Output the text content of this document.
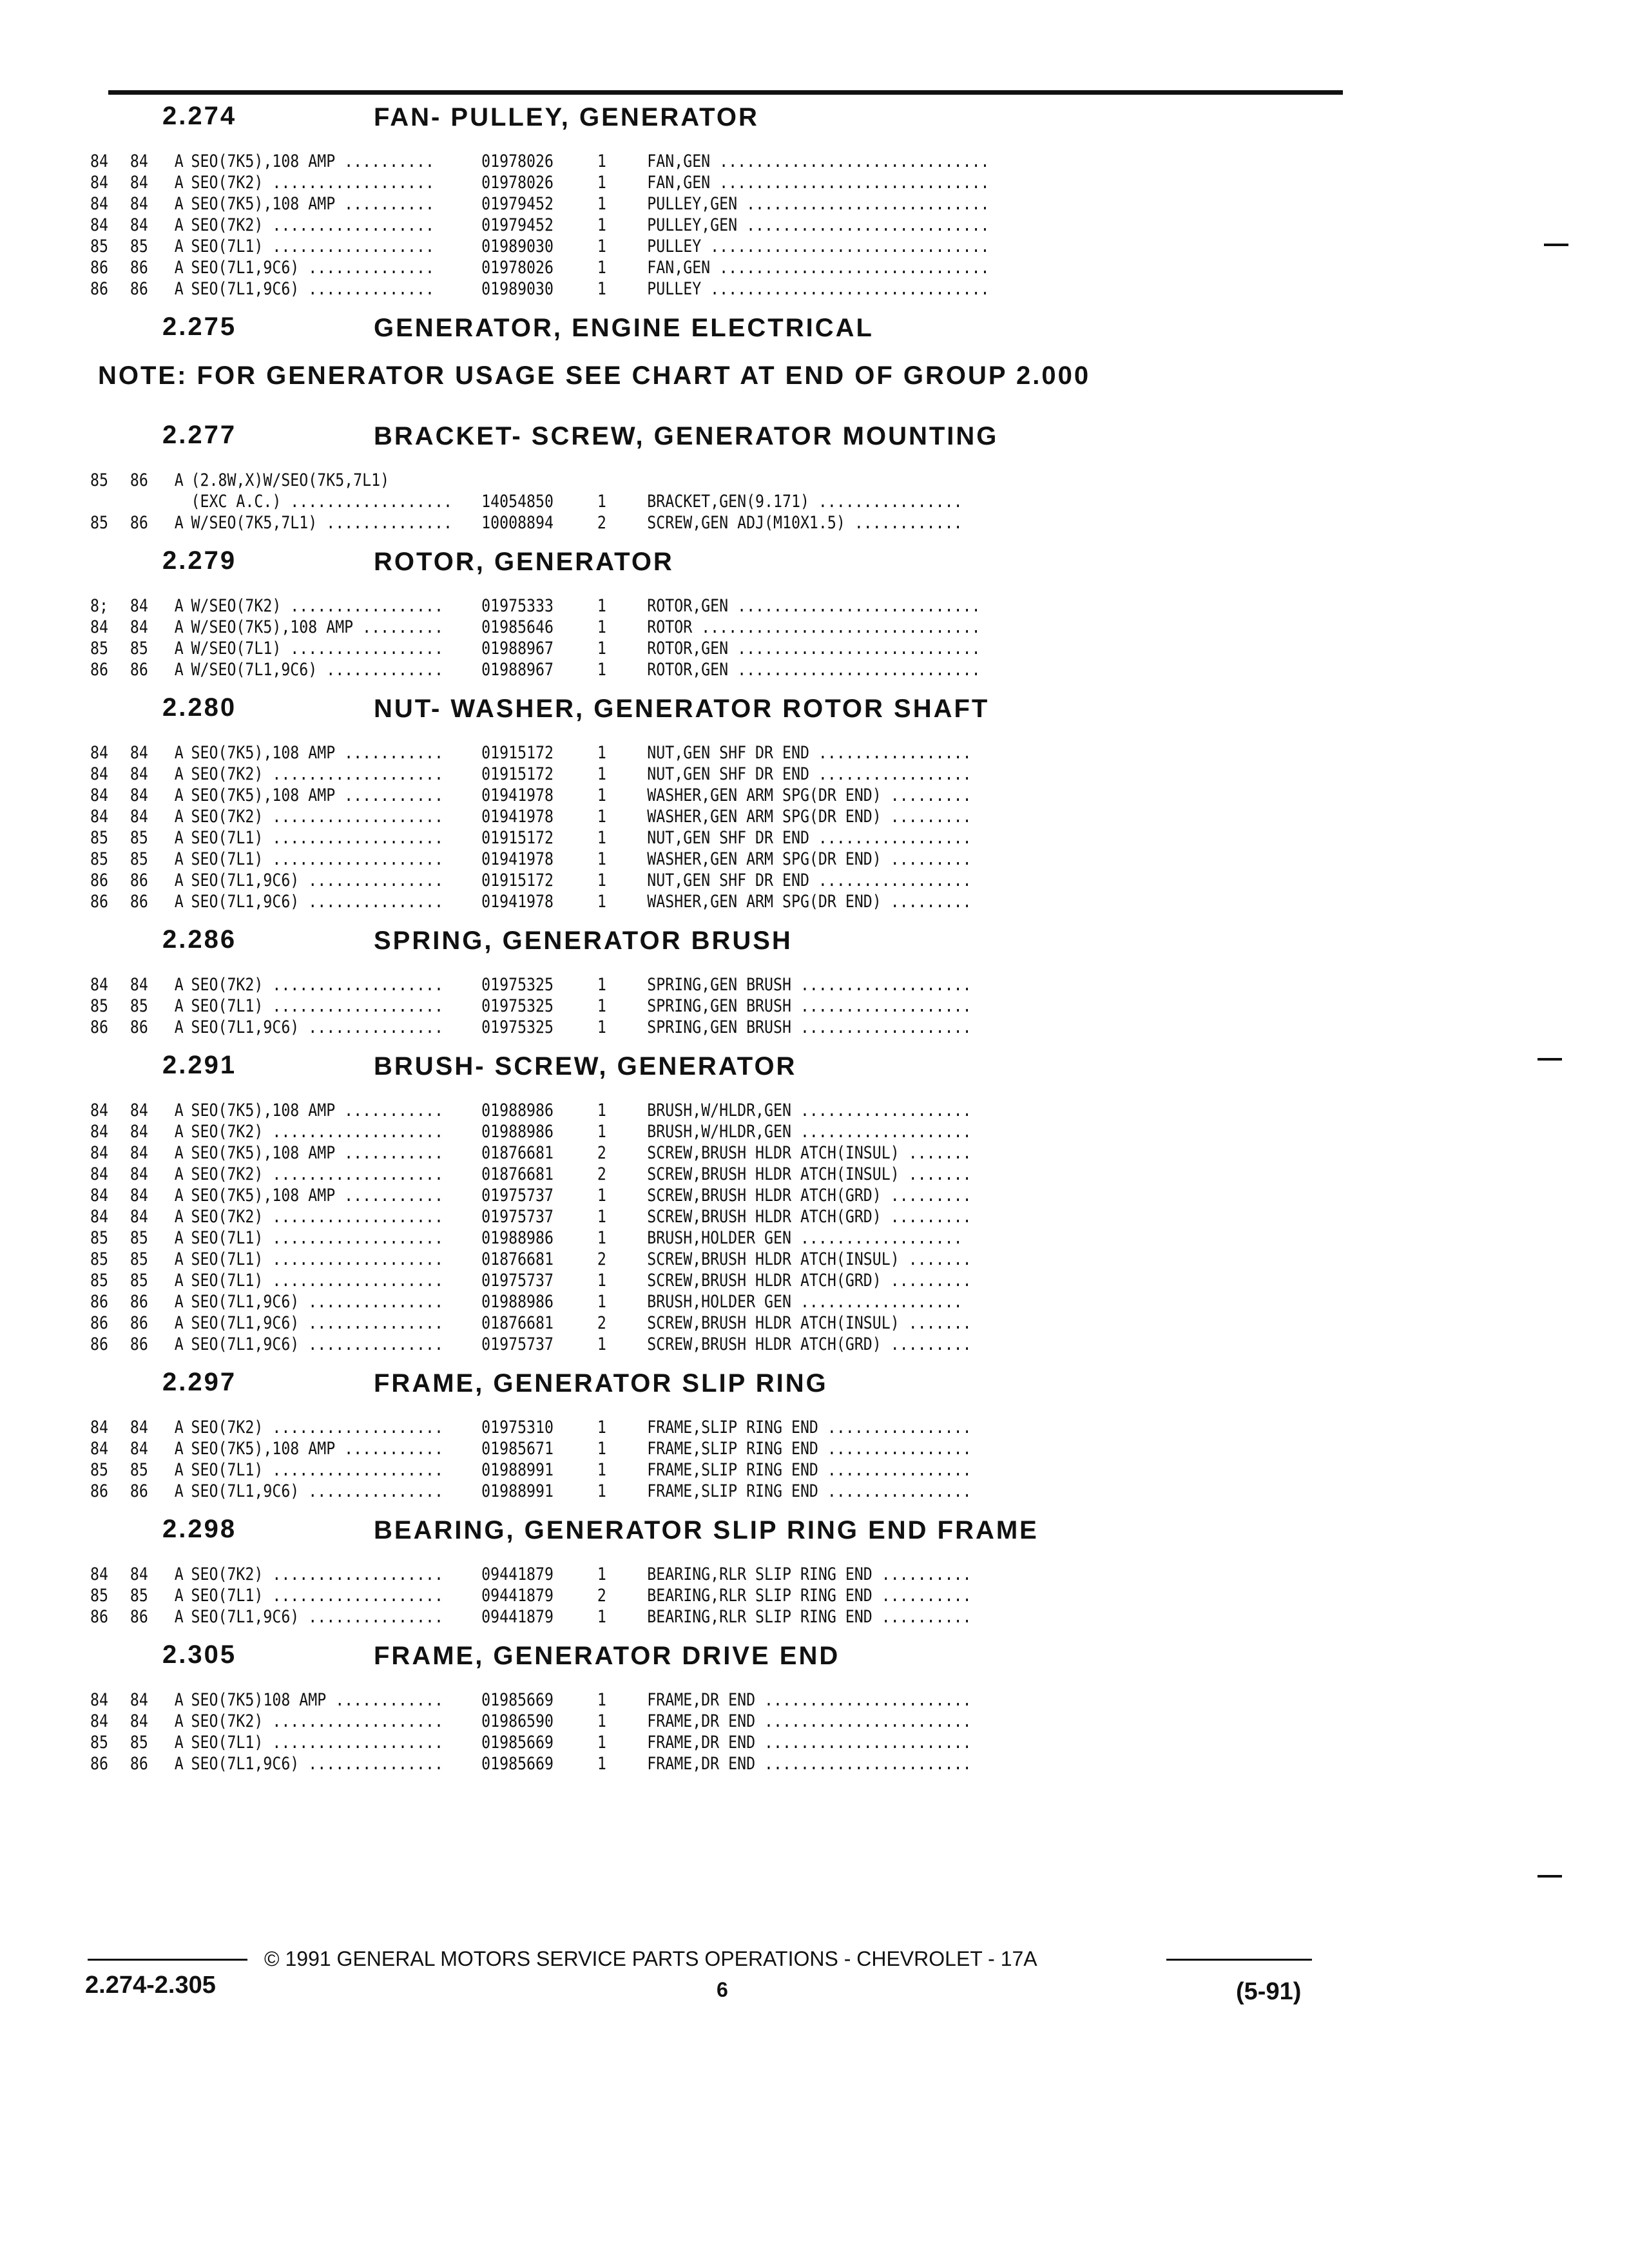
2.274	FAN- PULLEY, GENERATOR
84 84 A SEO(7K5),108 AMP ..........	01978026	1 FAN,GEN ..............................
84 84 A SEO(7K2) ..................	01978026	1 FAN,GEN ..............................
84 84 A SEO(7K5),108 AMP ..........	01979452	1 PULLEY,GEN ...........................
84 84 A SEO(7K2) ..................	01979452	1 PULLEY,GEN ...........................
85 85 A SEO(7L1) ..................	01989030	1 PULLEY ...............................
86 86 A SEO(7L1,9C6) ..............	01978026	1 FAN,GEN ..............................
86 86 A SEO(7L1,9C6) ..............	01989030	1 PULLEY ...............................
2.275	GENERATOR, ENGINE ELECTRICAL
NOTE: FOR GENERATOR USAGE SEE CHART AT END OF GROUP 2.000
2.277	BRACKET- SCREW, GENERATOR MOUNTING
85 86 A (2.8W,X)W/SEO(7K5,7L1)
(EXC A.C.) .................. 14054850	1 BRACKET,GEN(9.171) ................
85 86 A W/SEO(7K5,7L1) .............. 10008894	2 SCREW,GEN ADJ(M10X1.5) ............
2.279	ROTOR, GENERATOR
8; 84 A W/SEO(7K2) ................. 01975333	1 ROTOR,GEN ...........................
84 84 A W/SEO(7K5),108 AMP ......... 01985646	1 ROTOR ...............................
85 85 A W/SEO(7L1) ................. 01988967	1 ROTOR,GEN ...........................
86 86 A W/SEO(7L1,9C6) ............. 01988967	1 ROTOR,GEN ...........................
2.280	NUT- WASHER, GENERATOR ROTOR SHAFT
84 84 A SEO(7K5),108 AMP ........... 01915172	1 NUT,GEN SHF DR END .................
84 84 A SEO(7K2) ................... 01915172	1 NUT,GEN SHF DR END .................
84 84 A SEO(7K5),108 AMP ........... 01941978	1 WASHER,GEN ARM SPG(DR END) .........
84 84 A SEO(7K2) ................... 01941978	1 WASHER,GEN ARM SPG(DR END) .........
85 85 A SEO(7L1) ................... 01915172	1 NUT,GEN SHF DR END .................
85 85 A SEO(7L1) ................... 01941978	1 WASHER,GEN ARM SPG(DR END) .........
86 86 A SEO(7L1,9C6) ............... 01915172	1 NUT,GEN SHF DR END .................
86 86 A SEO(7L1,9C6) ............... 01941978	1 WASHER,GEN ARM SPG(DR END) .........
2.286	SPRING, GENERATOR BRUSH
84 84 A SEO(7K2) ................... 01975325	1 SPRING,GEN BRUSH ...................
85 85 A SEO(7L1) ................... 01975325	1 SPRING,GEN BRUSH ...................
86 86 A SEO(7L1,9C6) ............... 01975325	1 SPRING,GEN BRUSH ...................
2.291	BRUSH- SCREW, GENERATOR
84 84 A SEO(7K5),108 AMP ........... 01988986	1 BRUSH,W/HLDR,GEN ...................
84 84 A SEO(7K2) ................... 01988986	1 BRUSH,W/HLDR,GEN ...................
84 84 A SEO(7K5),108 AMP ........... 01876681	2 SCREW,BRUSH HLDR ATCH(INSUL) .......
84 84 A SEO(7K2) ................... 01876681	2 SCREW,BRUSH HLDR ATCH(INSUL) .......
84 84 A SEO(7K5),108 AMP ........... 01975737	1 SCREW,BRUSH HLDR ATCH(GRD) .........
84 84 A SEO(7K2) ................... 01975737	1 SCREW,BRUSH HLDR ATCH(GRD) .........
85 85 A SEO(7L1) ................... 01988986	1 BRUSH,HOLDER GEN ..................
85 85 A SEO(7L1) ................... 01876681	2 SCREW,BRUSH HLDR ATCH(INSUL) .......
85 85 A SEO(7L1) ................... 01975737	1 SCREW,BRUSH HLDR ATCH(GRD) .........
86 86 A SEO(7L1,9C6) ............... 01988986	1 BRUSH,HOLDER GEN ..................
86 86 A SEO(7L1,9C6) ............... 01876681	2 SCREW,BRUSH HLDR ATCH(INSUL) .......
86 86 A SEO(7L1,9C6) ............... 01975737	1 SCREW,BRUSH HLDR ATCH(GRD) .........
2.297	FRAME, GENERATOR SLIP RING
84 84 A SEO(7K2) ................... 01975310	1 FRAME,SLIP RING END ................
84 84 A SEO(7K5),108 AMP ........... 01985671	1 FRAME,SLIP RING END ................
85 85 A SEO(7L1) ................... 01988991	1 FRAME,SLIP RING END ................
86 86 A SEO(7L1,9C6) ............... 01988991	1 FRAME,SLIP RING END ................
2.298	BEARING, GENERATOR SLIP RING END FRAME
84 84 A SEO(7K2) ................... 09441879	1 BEARING,RLR SLIP RING END ..........
85 85 A SEO(7L1) ................... 09441879	2 BEARING,RLR SLIP RING END ..........
86 86 A SEO(7L1,9C6) ............... 09441879	1 BEARING,RLR SLIP RING END ..........
2.305	FRAME, GENERATOR DRIVE END
84 84 A SEO(7K5)108 AMP ............ 01985669	1 FRAME,DR END .......................
84 84 A SEO(7K2) ................... 01986590	1 FRAME,DR END .......................
85 85 A SEO(7L1) ................... 01985669	1 FRAME,DR END .......................
86 86 A SEO(7L1,9C6) ............... 01985669	1 FRAME,DR END .......................
2.274-2.305
© 1991 GENERAL MOTORS SERVICE PARTS OPERATIONS - CHEVROLET - 17A
6	(5-91)
